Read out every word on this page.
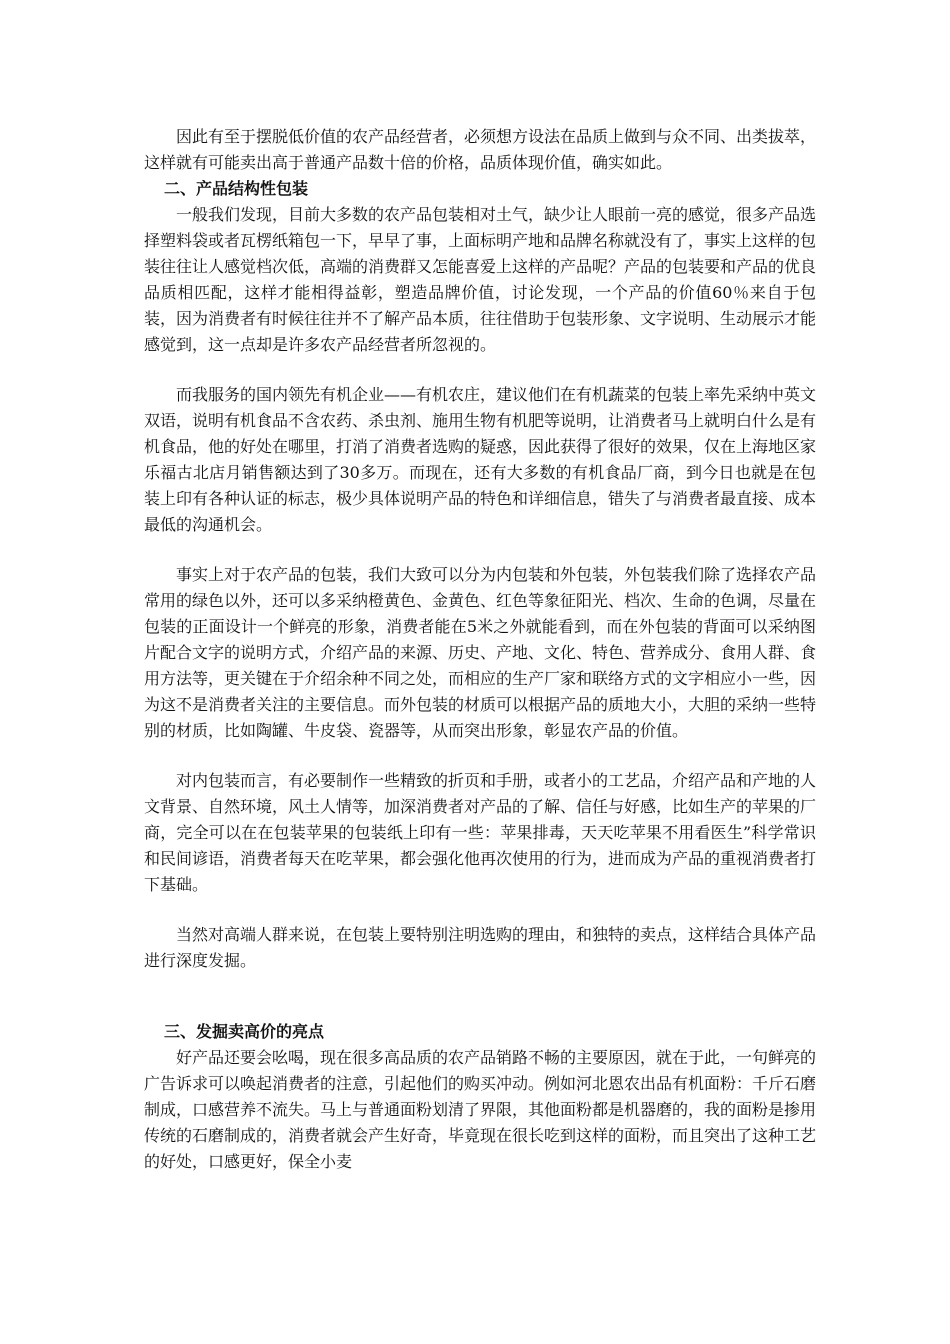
因此有至于摆脱低价值的农产品经营者，必须想方设法在品质上做到与众不同、出类拔萃，这样就有可能卖出高于普通产品数十倍的价格，品质体现价值，确实如此。

二、产品结构性包装

一般我们发现，目前大多数的农产品包装相对土气，缺少让人眼前一亮的感觉，很多产品选择塑料袋或者瓦楞纸箱包一下，早早了事，上面标明产地和品牌名称就没有了，事实上这样的包装往往让人感觉档次低，高端的消费群又怎能喜爱上这样的产品呢？产品的包装要和产品的优良品质相匹配，这样才能相得益彰，塑造品牌价值，讨论发现，一个产品的价值60％来自于包装，因为消费者有时候往往并不了解产品本质，往往借助于包装形象、文字说明、生动展示才能感觉到，这一点却是许多农产品经营者所忽视的。

而我服务的国内领先有机企业——有机农庄，建议他们在有机蔬菜的包装上率先采纳中英文双语，说明有机食品不含农药、杀虫剂、施用生物有机肥等说明，让消费者马上就明白什么是有机食品，他的好处在哪里，打消了消费者选购的疑惑，因此获得了很好的效果，仅在上海地区家乐福古北店月销售额达到了30多万。而现在，还有大多数的有机食品厂商，到今日也就是在包装上印有各种认证的标志，极少具体说明产品的特色和详细信息，错失了与消费者最直接、成本最低的沟通机会。

事实上对于农产品的包装，我们大致可以分为内包装和外包装，外包装我们除了选择农产品常用的绿色以外，还可以多采纳橙黄色、金黄色、红色等象征阳光、档次、生命的色调，尽量在包装的正面设计一个鲜亮的形象，消费者能在5米之外就能看到，而在外包装的背面可以采纳图片配合文字的说明方式，介绍产品的来源、历史、产地、文化、特色、营养成分、食用人群、食用方法等，更关键在于介绍余种不同之处，而相应的生产厂家和联络方式的文字相应小一些，因为这不是消费者关注的主要信息。而外包装的材质可以根据产品的质地大小，大胆的采纳一些特别的材质，比如陶罐、牛皮袋、瓷器等，从而突出形象，彰显农产品的价值。

对内包装而言，有必要制作一些精致的折页和手册，或者小的工艺品，介绍产品和产地的人文背景、自然环境，风土人情等，加深消费者对产品的了解、信任与好感，比如生产的苹果的厂商，完全可以在在包装苹果的包装纸上印有一些：苹果排毒，天天吃苹果不用看医生”科学常识和民间谚语，消费者每天在吃苹果，都会强化他再次使用的行为，进而成为产品的重视消费者打下基础。

当然对高端人群来说，在包装上要特别注明选购的理由，和独特的卖点，这样结合具体产品进行深度发掘。

三、发掘卖高价的亮点

好产品还要会吆喝，现在很多高品质的农产品销路不畅的主要原因，就在于此，一句鲜亮的广告诉求可以唤起消费者的注意，引起他们的购买冲动。例如河北恩农出品有机面粉：千斤石磨制成，口感营养不流失。马上与普通面粉划清了界限，其他面粉都是机器磨的，我的面粉是掺用传统的石磨制成的，消费者就会产生好奇，毕竟现在很长吃到这样的面粉，而且突出了这种工艺的好处，口感更好，保全小麦
